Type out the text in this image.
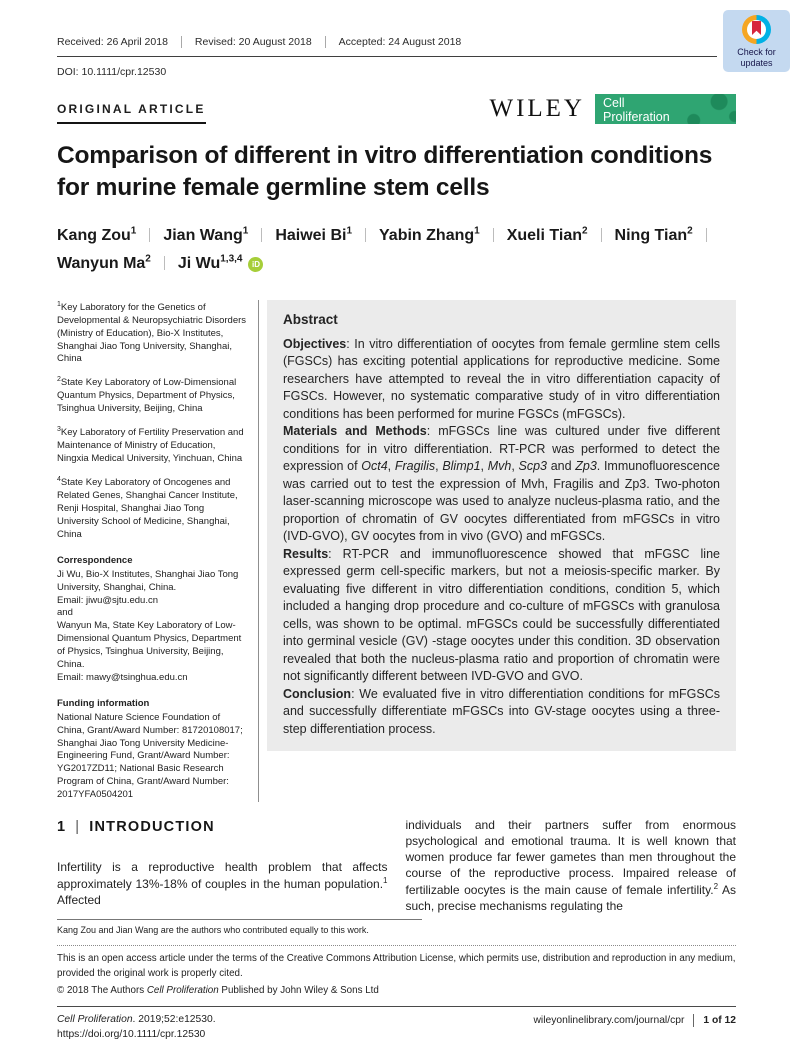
Received: 26 April 2018	Revised: 20 August 2018	Accepted: 24 August 2018
Check for
updates
DOI: 10.1111/cpr.12530
ORIGINAL ARTICLE	WILEY Cell
Proliferation
Comparison of different in vitro differentiation conditions for murine female germline stem cells
Kang Zou$^1$ Jian Wang$^1$ Haiwei Bi$^1$ Yabin Zhang$^1$ Xueli Tian$^2$ Ning Tian$^2$Wanyun Ma$^2$ Ji Wu$^{1,3,4}$ iD

$^1$Key Laboratory for the Genetics of Developmental & Neuropsychiatric Disorders (Ministry of Education), Bio-X Institutes, Shanghai Jiao Tong University, Shanghai, China

$^2$State Key Laboratory of Low-Dimensional Quantum Physics, Department of Physics, Tsinghua University, Beijing, China

$^3$Key Laboratory of Fertility Preservation and Maintenance of Ministry of Education, Ningxia Medical University, Yinchuan, China

$^4$State Key Laboratory of Oncogenes and Related Genes, Shanghai Cancer Institute, Renji Hospital, Shanghai Jiao Tong University School of Medicine, Shanghai, China

Correspondence

Ji Wu, Bio-X Institutes, Shanghai Jiao Tong University, Shanghai, China.
Email: jiwu@sjtu.edu.cn
and
Wanyun Ma, State Key Laboratory of Low-Dimensional Quantum Physics, Department of Physics, Tsinghua University, Beijing, China.
Email: mawy@tsinghua.edu.cn

Funding information

National Nature Science Foundation of China, Grant/Award Number: 81720108017; Shanghai Jiao Tong University Medicine-Engineering Fund, Grant/Award Number: YG2017ZD11; National Basic Research Program of China, Grant/Award Number: 2017YFA0504201
Abstract

Objectives: In vitro differentiation of oocytes from female germline stem cells (FGSCs) has exciting potential applications for reproductive medicine. Some researchers have attempted to reveal the in vitro differentiation capacity of FGSCs. However, no systematic comparative study of in vitro differentiation conditions has been performed for murine FGSCs (mFGSCs).

Materials and Methods: mFGSCs line was cultured under five different conditions for in vitro differentiation. RT-PCR was performed to detect the expression of Oct4, Fragilis, Blimp1, Mvh, Scp3 and Zp3. Immunofluorescence was carried out to test the expression of Mvh, Fragilis and Zp3. Two-photon laser-scanning microscope was used to analyze nucleus-plasma ratio, and the proportion of chromatin of GV oocytes differentiated from mFGSCs in vitro (IVD-GVO), GV oocytes from in vivo (GVO) and mFGSCs.

Results: RT-PCR and immunofluorescence showed that mFGSC line expressed germ cell-specific markers, but not a meiosis-specific marker. By evaluating five different in vitro differentiation conditions, condition 5, which included a hanging drop procedure and co-culture of mFGSCs with granulosa cells, was shown to be optimal. mFGSCs could be successfully differentiated into germinal vesicle (GV) -stage oocytes under this condition. 3D observation revealed that both the nucleus-plasma ratio and proportion of chromatin were not significantly different between IVD-GVO and GVO.

Conclusion: We evaluated five in vitro differentiation conditions for mFGSCs and successfully differentiate mFGSCs into GV-stage oocytes using a three-step differentiation process.

1 | INTRODUCTION

Infertility is a reproductive health problem that affects approximately 13%-18% of couples in the human population.$^1$ Affected

individuals and their partners suffer from enormous psychological and emotional trauma. It is well known that women produce far fewer gametes than men throughout the course of the reproductive process. Impaired release of fertilizable oocytes is the main cause of female infertility.$^2$ As such, precise mechanisms regulating the

Kang Zou and Jian Wang are the authors who contributed equally to this work.
This is an open access article under the terms of the Creative Commons Attribution License, which permits use, distribution and reproduction in any medium, provided the original work is properly cited.
© 2018 The Authors Cell Proliferation Published by John Wiley & Sons Ltd
Cell Proliferation. 2019;52:e12530.
https://doi.org/10.1111/cpr.12530
wileyonlinelibrary.com/journal/cpr 1 of 12
